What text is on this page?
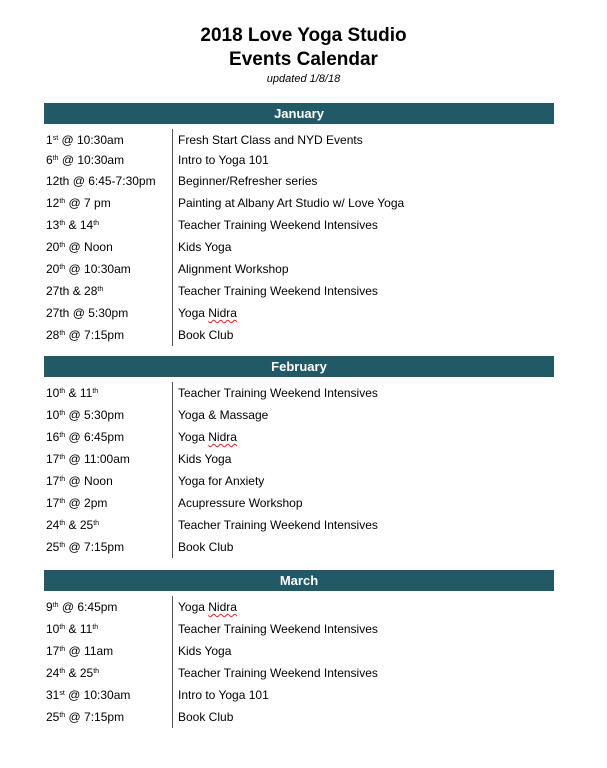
2018 Love Yoga Studio
Events Calendar
updated 1/8/18
January
1st @ 10:30am	Fresh Start Class and NYD Events
6th @ 10:30am	Intro to Yoga 101
12th @ 6:45-7:30pm	Beginner/Refresher series
12th @ 7 pm	Painting at Albany Art Studio w/ Love Yoga
13th & 14th	Teacher Training Weekend Intensives
20th @ Noon	Kids Yoga
20th @ 10:30am	Alignment Workshop
27th & 28th	Teacher Training Weekend Intensives
27th @ 5:30pm	Yoga Nidra
28th @ 7:15pm	Book Club
February
10th & 11th	Teacher Training Weekend Intensives
10th @ 5:30pm	Yoga & Massage
16th @ 6:45pm	Yoga Nidra
17th @ 11:00am	Kids Yoga
17th @ Noon	Yoga for Anxiety
17th @ 2pm	Acupressure Workshop
24th & 25th	Teacher Training Weekend Intensives
25th @ 7:15pm	Book Club
March
9th @ 6:45pm	Yoga Nidra
10th & 11th	Teacher Training Weekend Intensives
17th @ 11am	Kids Yoga
24th & 25th	Teacher Training Weekend Intensives
31st @ 10:30am	Intro to Yoga 101
25th @ 7:15pm	Book Club
